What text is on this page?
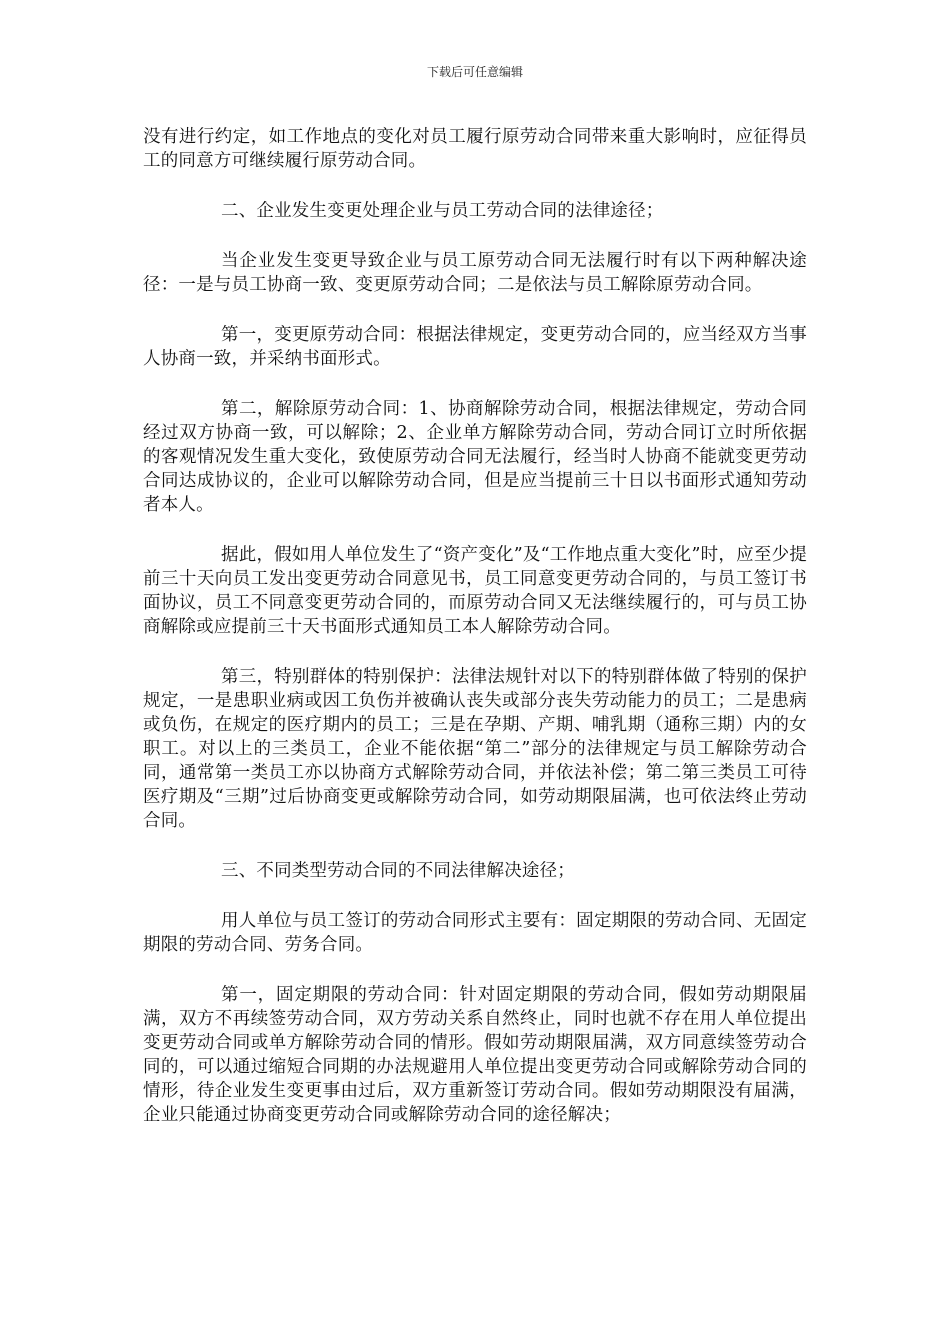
下载后可任意编辑

没有进行约定，如工作地点的变化对员工履行原劳动合同带来重大影响时，应征得员工的同意方可继续履行原劳动合同。

二、企业发生变更处理企业与员工劳动合同的法律途径；

当企业发生变更导致企业与员工原劳动合同无法履行时有以下两种解决途径：一是与员工协商一致、变更原劳动合同；二是依法与员工解除原劳动合同。

第一，变更原劳动合同：根据法律规定，变更劳动合同的，应当经双方当事人协商一致，并采纳书面形式。

第二，解除原劳动合同：1、协商解除劳动合同，根据法律规定，劳动合同经过双方协商一致，可以解除；2、企业单方解除劳动合同，劳动合同订立时所依据的客观情况发生重大变化，致使原劳动合同无法履行，经当时人协商不能就变更劳动合同达成协议的，企业可以解除劳动合同，但是应当提前三十日以书面形式通知劳动者本人。

据此，假如用人单位发生了“资产变化”及“工作地点重大变化”时，应至少提前三十天向员工发出变更劳动合同意见书，员工同意变更劳动合同的，与员工签订书面协议，员工不同意变更劳动合同的，而原劳动合同又无法继续履行的，可与员工协商解除或应提前三十天书面形式通知员工本人解除劳动合同。

第三，特别群体的特别保护：法律法规针对以下的特别群体做了特别的保护规定，一是患职业病或因工负伤并被确认丧失或部分丧失劳动能力的员工；二是患病或负伤，在规定的医疗期内的员工；三是在孕期、产期、哺乳期（通称三期）内的女职工。对以上的三类员工，企业不能依据“第二”部分的法律规定与员工解除劳动合同，通常第一类员工亦以协商方式解除劳动合同，并依法补偿；第二第三类员工可待医疗期及“三期”过后协商变更或解除劳动合同，如劳动期限届满，也可依法终止劳动合同。

三、不同类型劳动合同的不同法律解决途径；

用人单位与员工签订的劳动合同形式主要有：固定期限的劳动合同、无固定期限的劳动合同、劳务合同。

第一，固定期限的劳动合同：针对固定期限的劳动合同，假如劳动期限届满，双方不再续签劳动合同，双方劳动关系自然终止，同时也就不存在用人单位提出变更劳动合同或单方解除劳动合同的情形。假如劳动期限届满，双方同意续签劳动合同的，可以通过缩短合同期的办法规避用人单位提出变更劳动合同或解除劳动合同的情形，待企业发生变更事由过后，双方重新签订劳动合同。假如劳动期限没有届满，企业只能通过协商变更劳动合同或解除劳动合同的途径解决；
